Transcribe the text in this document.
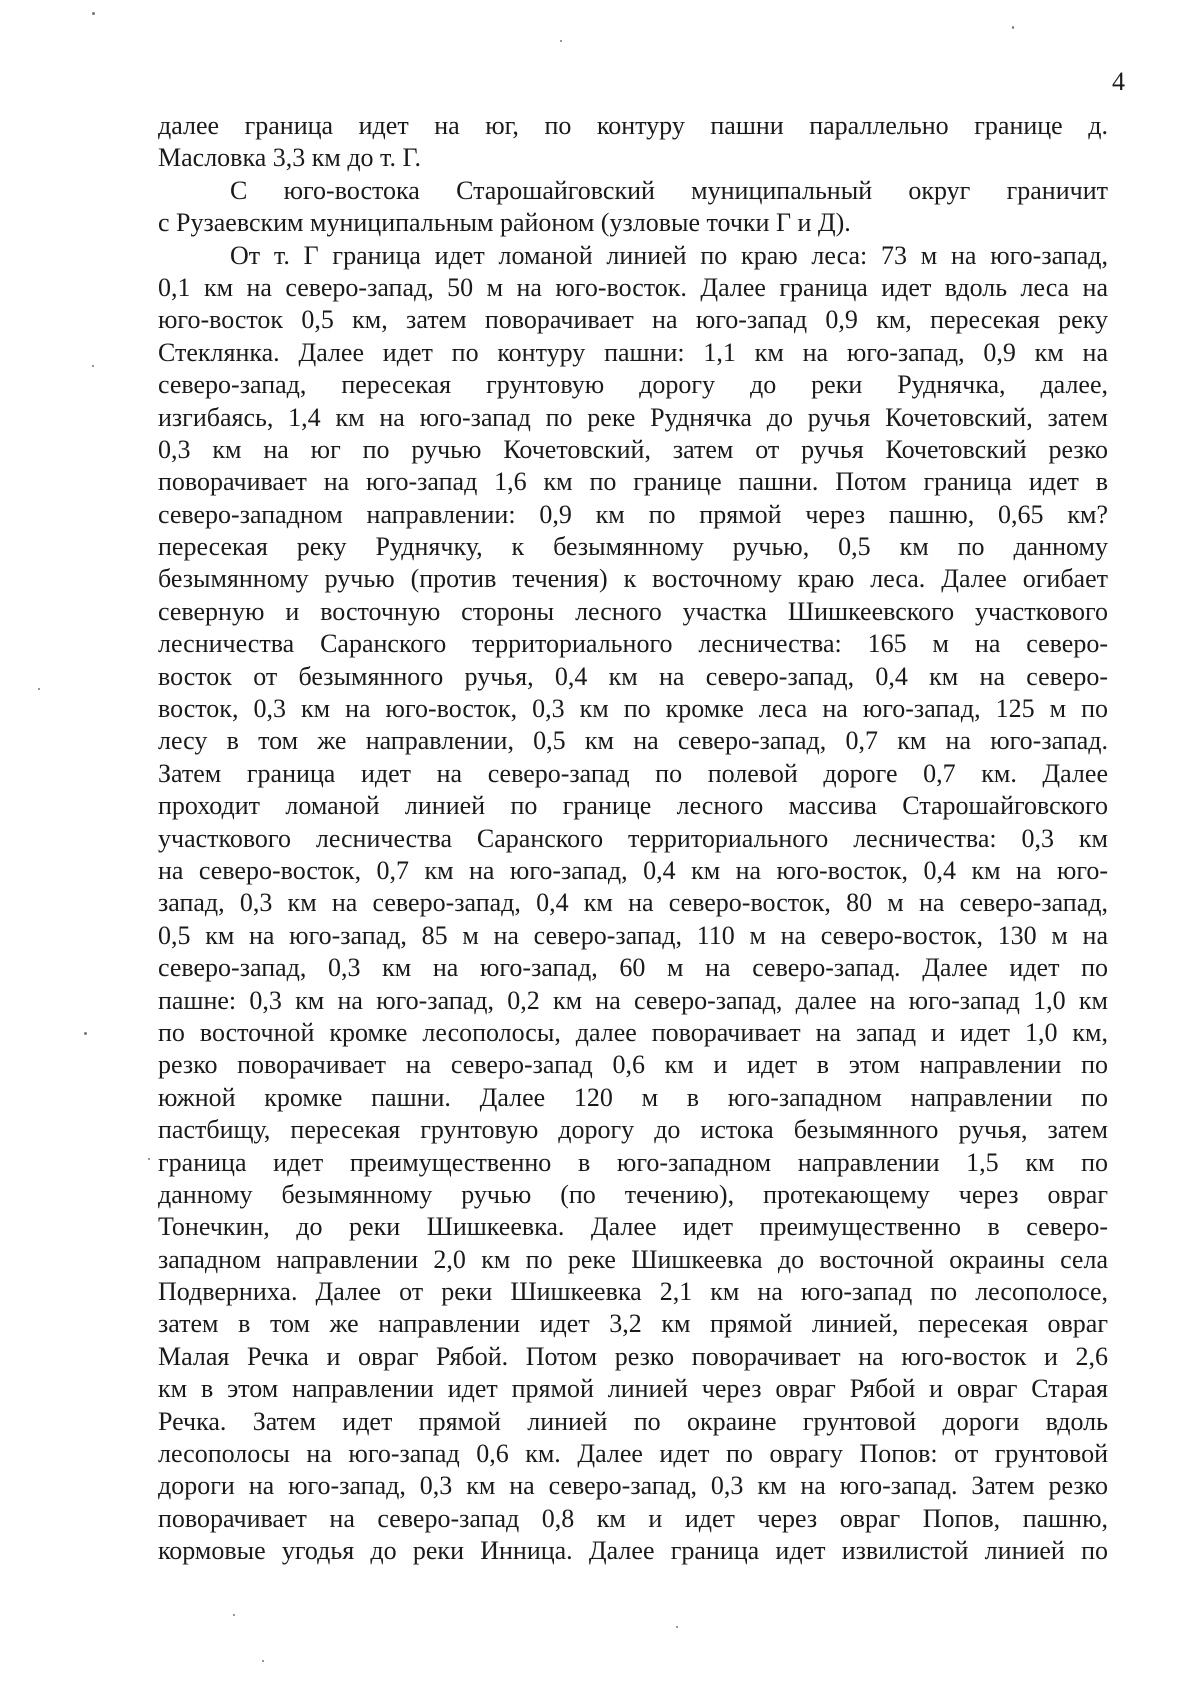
4
далее граница идет на юг, по контуру пашни параллельно границе д.
Масловка 3,3 км до т. Г.
С юго-востока Старошайговский муниципальный округ граничит
с Рузаевским муниципальным районом (узловые точки Г и Д).
От т. Г граница идет ломаной линией по краю леса: 73 м на юго-запад,
0,1 км на северо-запад, 50 м на юго-восток. Далее граница идет вдоль леса на
юго-восток 0,5 км, затем поворачивает на юго-запад 0,9 км, пересекая реку
Стеклянка. Далее идет по контуру пашни: 1,1 км на юго-запад, 0,9 км на
северо-запад, пересекая грунтовую дорогу до реки Руднячка, далее,
изгибаясь, 1,4 км на юго-запад по реке Руднячка до ручья Кочетовский, затем
0,3 км на юг по ручью Кочетовский, затем от ручья Кочетовский резко
поворачивает на юго-запад 1,6 км по границе пашни. Потом граница идет в
северо-западном направлении: 0,9 км по прямой через пашню, 0,65 км?
пересекая реку Руднячку, к безымянному ручью, 0,5 км по данному
безымянному ручью (против течения) к восточному краю леса. Далее огибает
северную и восточную стороны лесного участка Шишкеевского участкового
лесничества Саранского территориального лесничества: 165 м на северо-
восток от безымянного ручья, 0,4 км на северо-запад, 0,4 км на северо-
восток, 0,3 км на юго-восток, 0,3 км по кромке леса на юго-запад, 125 м по
лесу в том же направлении, 0,5 км на северо-запад, 0,7 км на юго-запад.
Затем граница идет на северо-запад по полевой дороге 0,7 км. Далее
проходит ломаной линией по границе лесного массива Старошайговского
участкового лесничества Саранского территориального лесничества: 0,3 км
на северо-восток, 0,7 км на юго-запад, 0,4 км на юго-восток, 0,4 км на юго-
запад, 0,3 км на северо-запад, 0,4 км на северо-восток, 80 м на северо-запад,
0,5 км на юго-запад, 85 м на северо-запад, 110 м на северо-восток, 130 м на
северо-запад, 0,3 км на юго-запад, 60 м на северо-запад. Далее идет по
пашне: 0,3 км на юго-запад, 0,2 км на северо-запад, далее на юго-запад 1,0 км
по восточной кромке лесополосы, далее поворачивает на запад и идет 1,0 км,
резко поворачивает на северо-запад 0,6 км и идет в этом направлении по
южной кромке пашни. Далее 120 м в юго-западном направлении по
пастбищу, пересекая грунтовую дорогу до истока безымянного ручья, затем
граница идет преимущественно в юго-западном направлении 1,5 км по
данному безымянному ручью (по течению), протекающему через овраг
Тонечкин, до реки Шишкеевка. Далее идет преимущественно в северо-
западном направлении 2,0 км по реке Шишкеевка до восточной окраины села
Подверниха. Далее от реки Шишкеевка 2,1 км на юго-запад по лесополосе,
затем в том же направлении идет 3,2 км прямой линией, пересекая овраг
Малая Речка и овраг Рябой. Потом резко поворачивает на юго-восток и 2,6
км в этом направлении идет прямой линией через овраг Рябой и овраг Старая
Речка. Затем идет прямой линией по окраине грунтовой дороги вдоль
лесополосы на юго-запад 0,6 км. Далее идет по оврагу Попов: от грунтовой
дороги на юго-запад, 0,3 км на северо-запад, 0,3 км на юго-запад. Затем резко
поворачивает на северо-запад 0,8 км и идет через овраг Попов, пашню,
кормовые угодья до реки Инница. Далее граница идет извилистой линией по
